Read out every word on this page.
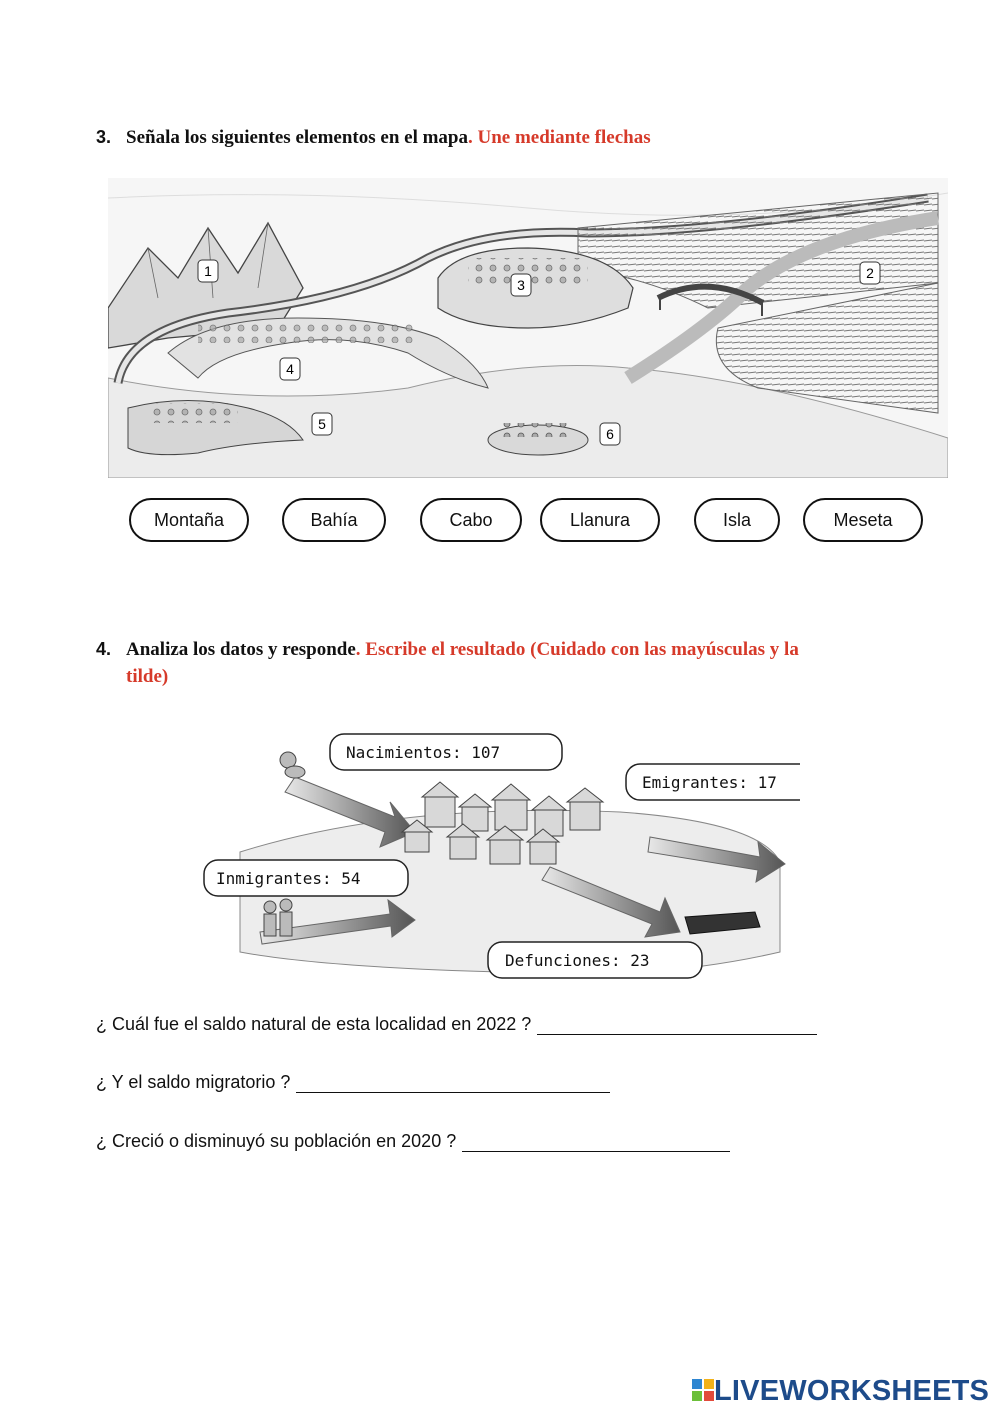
3. Señala los siguientes elementos en el mapa. Une mediante flechas
1	2
3
4
5
6
Montaña	Bahía	Cabo	Llanura	Isla	Meseta
4. Analiza los datos y responde. Escribe el resultado (Cuidado con las mayúsculas y la
tilde)
Nacimientos: 107
Emigrantes: 17
Inmigrantes: 54
Defunciones: 23
¿ Cuál fue el saldo natural de esta localidad en 2022 ?
¿ Y el saldo migratorio ?
¿ Creció o disminuyó su población en 2020 ?
LIVEWORKSHEETS
